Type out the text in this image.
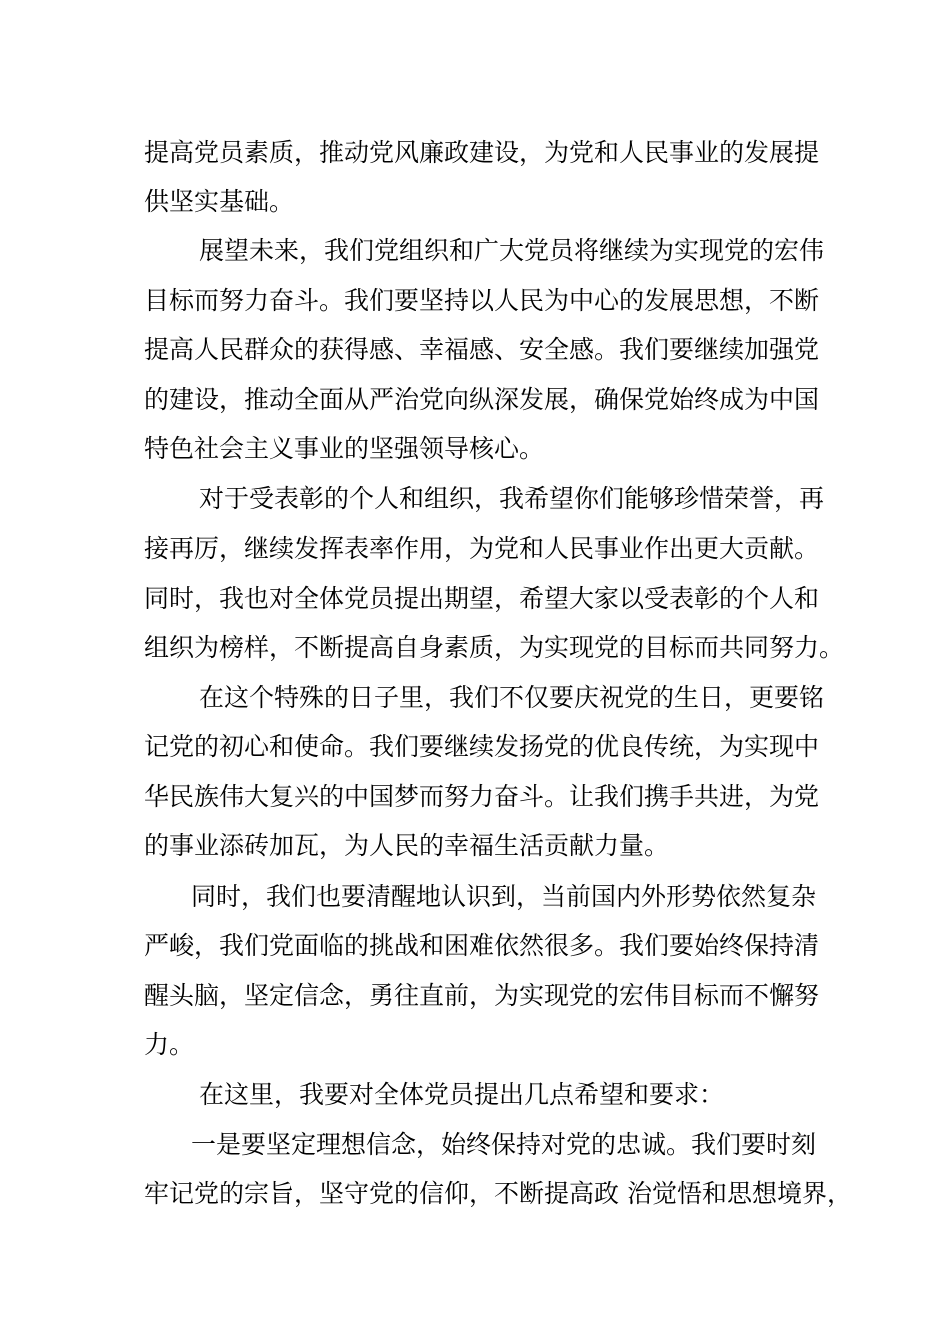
提高党员素质，推动党风廉政建设，为党和人民事业的发展提
供坚实基础。
展望未来，我们党组织和广大党员将继续为实现党的宏伟
目标而努力奋斗。我们要坚持以人民为中心的发展思想，不断
提高人民群众的获得感、幸福感、安全感。我们要继续加强党
的建设，推动全面从严治党向纵深发展，确保党始终成为中国
特色社会主义事业的坚强领导核心。
对于受表彰的个人和组织，我希望你们能够珍惜荣誉，再
接再厉，继续发挥表率作用，为党和人民事业作出更大贡献。
同时，我也对全体党员提出期望，希望大家以受表彰的个人和
组织为榜样，不断提高自身素质，为实现党的目标而共同努力。
在这个特殊的日子里，我们不仅要庆祝党的生日，更要铭
记党的初心和使命。我们要继续发扬党的优良传统，为实现中
华民族伟大复兴的中国梦而努力奋斗。让我们携手共进，为党
的事业添砖加瓦，为人民的幸福生活贡献力量。
同时，我们也要清醒地认识到，当前国内外形势依然复杂
严峻，我们党面临的挑战和困难依然很多。我们要始终保持清
醒头脑，坚定信念，勇往直前，为实现党的宏伟目标而不懈努
力。
在这里，我要对全体党员提出几点希望和要求：
一是要坚定理想信念，始终保持对党的忠诚。我们要时刻
牢记党的宗旨，坚守党的信仰，不断提高政 治觉悟和思想境界，
